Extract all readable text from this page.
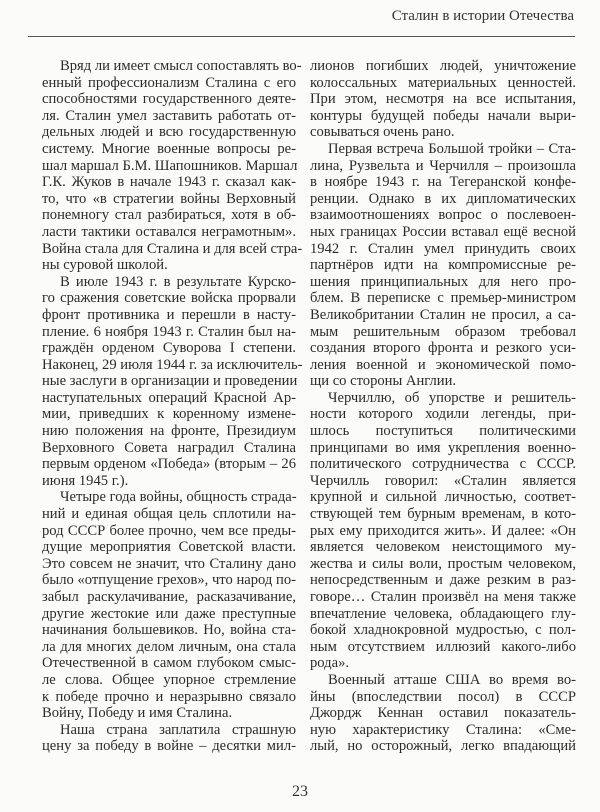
Сталин в истории Отечества
Вряд ли имеет смысл сопоставлять во-
енный профессионализм Сталина с его
способностями государственного деяте-
ля. Сталин умел заставить работать от-
дельных людей и всю государственную
систему. Многие военные вопросы ре-
шал маршал Б.М. Шапошников. Маршал
Г.К. Жуков в начале 1943 г. сказал как-
то, что «в стратегии войны Верховный
понемногу стал разбираться, хотя в об-
ласти тактики оставался неграмотным».
Война стала для Сталина и для всей стра-
ны суровой школой.
В июле 1943 г. в результате Курско-
го сражения советские войска прорвали
фронт противника и перешли в насту-
пление. 6 ноября 1943 г. Сталин был на-
граждён орденом Суворова I степени.
Наконец, 29 июля 1944 г. за исключитель-
ные заслуги в организации и проведении
наступательных операций Красной Ар-
мии, приведших к коренному измене-
нию положения на фронте, Президиум
Верховного Совета наградил Сталина
первым орденом «Победа» (вторым – 26
июня 1945 г.).
Четыре года войны, общность страда-
ний и единая общая цель сплотили на-
род СССР более прочно, чем все преды-
дущие мероприятия Советской власти.
Это совсем не значит, что Сталину дано
было «отпущение грехов», что народ по-
забыл раскулачивание, расказачивание,
другие жестокие или даже преступные
начинания большевиков. Но, война ста-
ла для многих делом личным, она стала
Отечественной в самом глубоком смыс-
ле слова. Общее упорное стремление
к победе прочно и неразрывно связало
Войну, Победу и имя Сталина.
Наша страна заплатила страшную
цену за победу в войне – десятки мил-
лионов погибших людей, уничтожение
колоссальных материальных ценностей.
При этом, несмотря на все испытания,
контуры будущей победы начали выри-
совываться очень рано.
Первая встреча Большой тройки – Ста-
лина, Рузвельта и Черчилля – произошла
в ноябре 1943 г. на Тегеранской конфе-
ренции. Однако в их дипломатических
взаимоотношениях вопрос о послевоен-
ных границах России вставал ещё весной
1942 г. Сталин умел принудить своих
партнёров идти на компромиссные ре-
шения принципиальных для него про-
блем. В переписке с премьер-министром
Великобритании Сталин не просил, а са-
мым решительным образом требовал
создания второго фронта и резкого уси-
ления военной и экономической помо-
щи со стороны Англии.
Черчиллю, об упорстве и решитель-
ности которого ходили легенды, при-
шлось поступиться политическими
принципами во имя укрепления военно-
политического сотрудничества с СССР.
Черчилль говорил: «Сталин является
крупной и сильной личностью, соответ-
ствующей тем бурным временам, в кото-
рых ему приходится жить». И далее: «Он
является человеком неистощимого му-
жества и силы воли, простым человеком,
непосредственным и даже резким в раз-
говоре… Сталин произвёл на меня также
впечатление человека, обладающего глу-
бокой хладнокровной мудростью, с пол-
ным отсутствием иллюзий какого-либо
рода».
Военный атташе США во время во-
йны (впоследствии посол) в СССР
Джордж Кеннан оставил показатель-
ную характеристику Сталина: «Сме-
лый, но осторожный, легко впадающий
23
